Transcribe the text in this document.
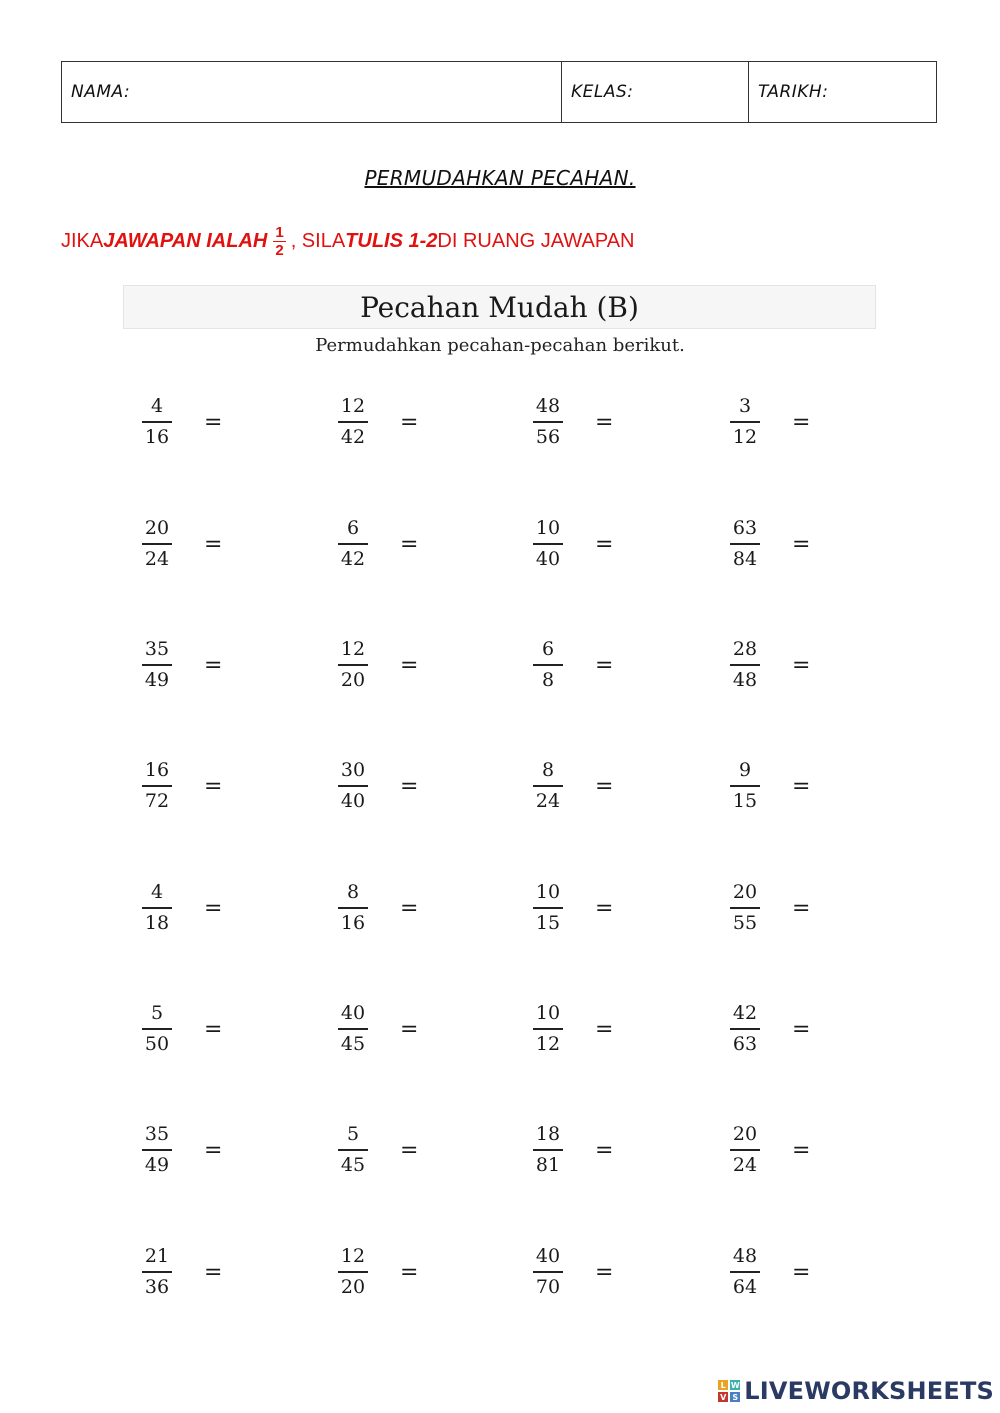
NAMA:	KELAS:	TARIKH:
PERMUDAHKAN PECAHAN.
JIKA JAWAPAN IALAH $\frac{1}{2}$ , SILA TULIS 1-2 DI RUANG JAWAPAN
Pecahan Mudah (B)
Permudahkan pecahan-pecahan berikut.
$\frac{4}{16}$ =	$\frac{12}{42}$ =	$\frac{48}{56}$ =	$\frac{3}{12}$ =
$\frac{20}{24}$ =	$\frac{6}{42}$ =	$\frac{10}{40}$ =	$\frac{63}{84}$ =
$\frac{35}{49}$ =	$\frac{12}{20}$ =	$\frac{6}{8}$ =	$\frac{28}{48}$ =
$\frac{16}{72}$ =	$\frac{30}{40}$ =	$\frac{8}{24}$ =	$\frac{9}{15}$ =
$\frac{4}{18}$ =	$\frac{8}{16}$ =	$\frac{10}{15}$ =	$\frac{20}{55}$ =
$\frac{5}{50}$ =	$\frac{40}{45}$ =	$\frac{10}{12}$ =	$\frac{42}{63}$ =
$\frac{35}{49}$ =	$\frac{5}{45}$ =	$\frac{18}{81}$ =	$\frac{20}{24}$ =
$\frac{21}{36}$ =	$\frac{12}{20}$ =	$\frac{40}{70}$ =	$\frac{48}{64}$ =
L W
V S LIVEWORKSHEETS
